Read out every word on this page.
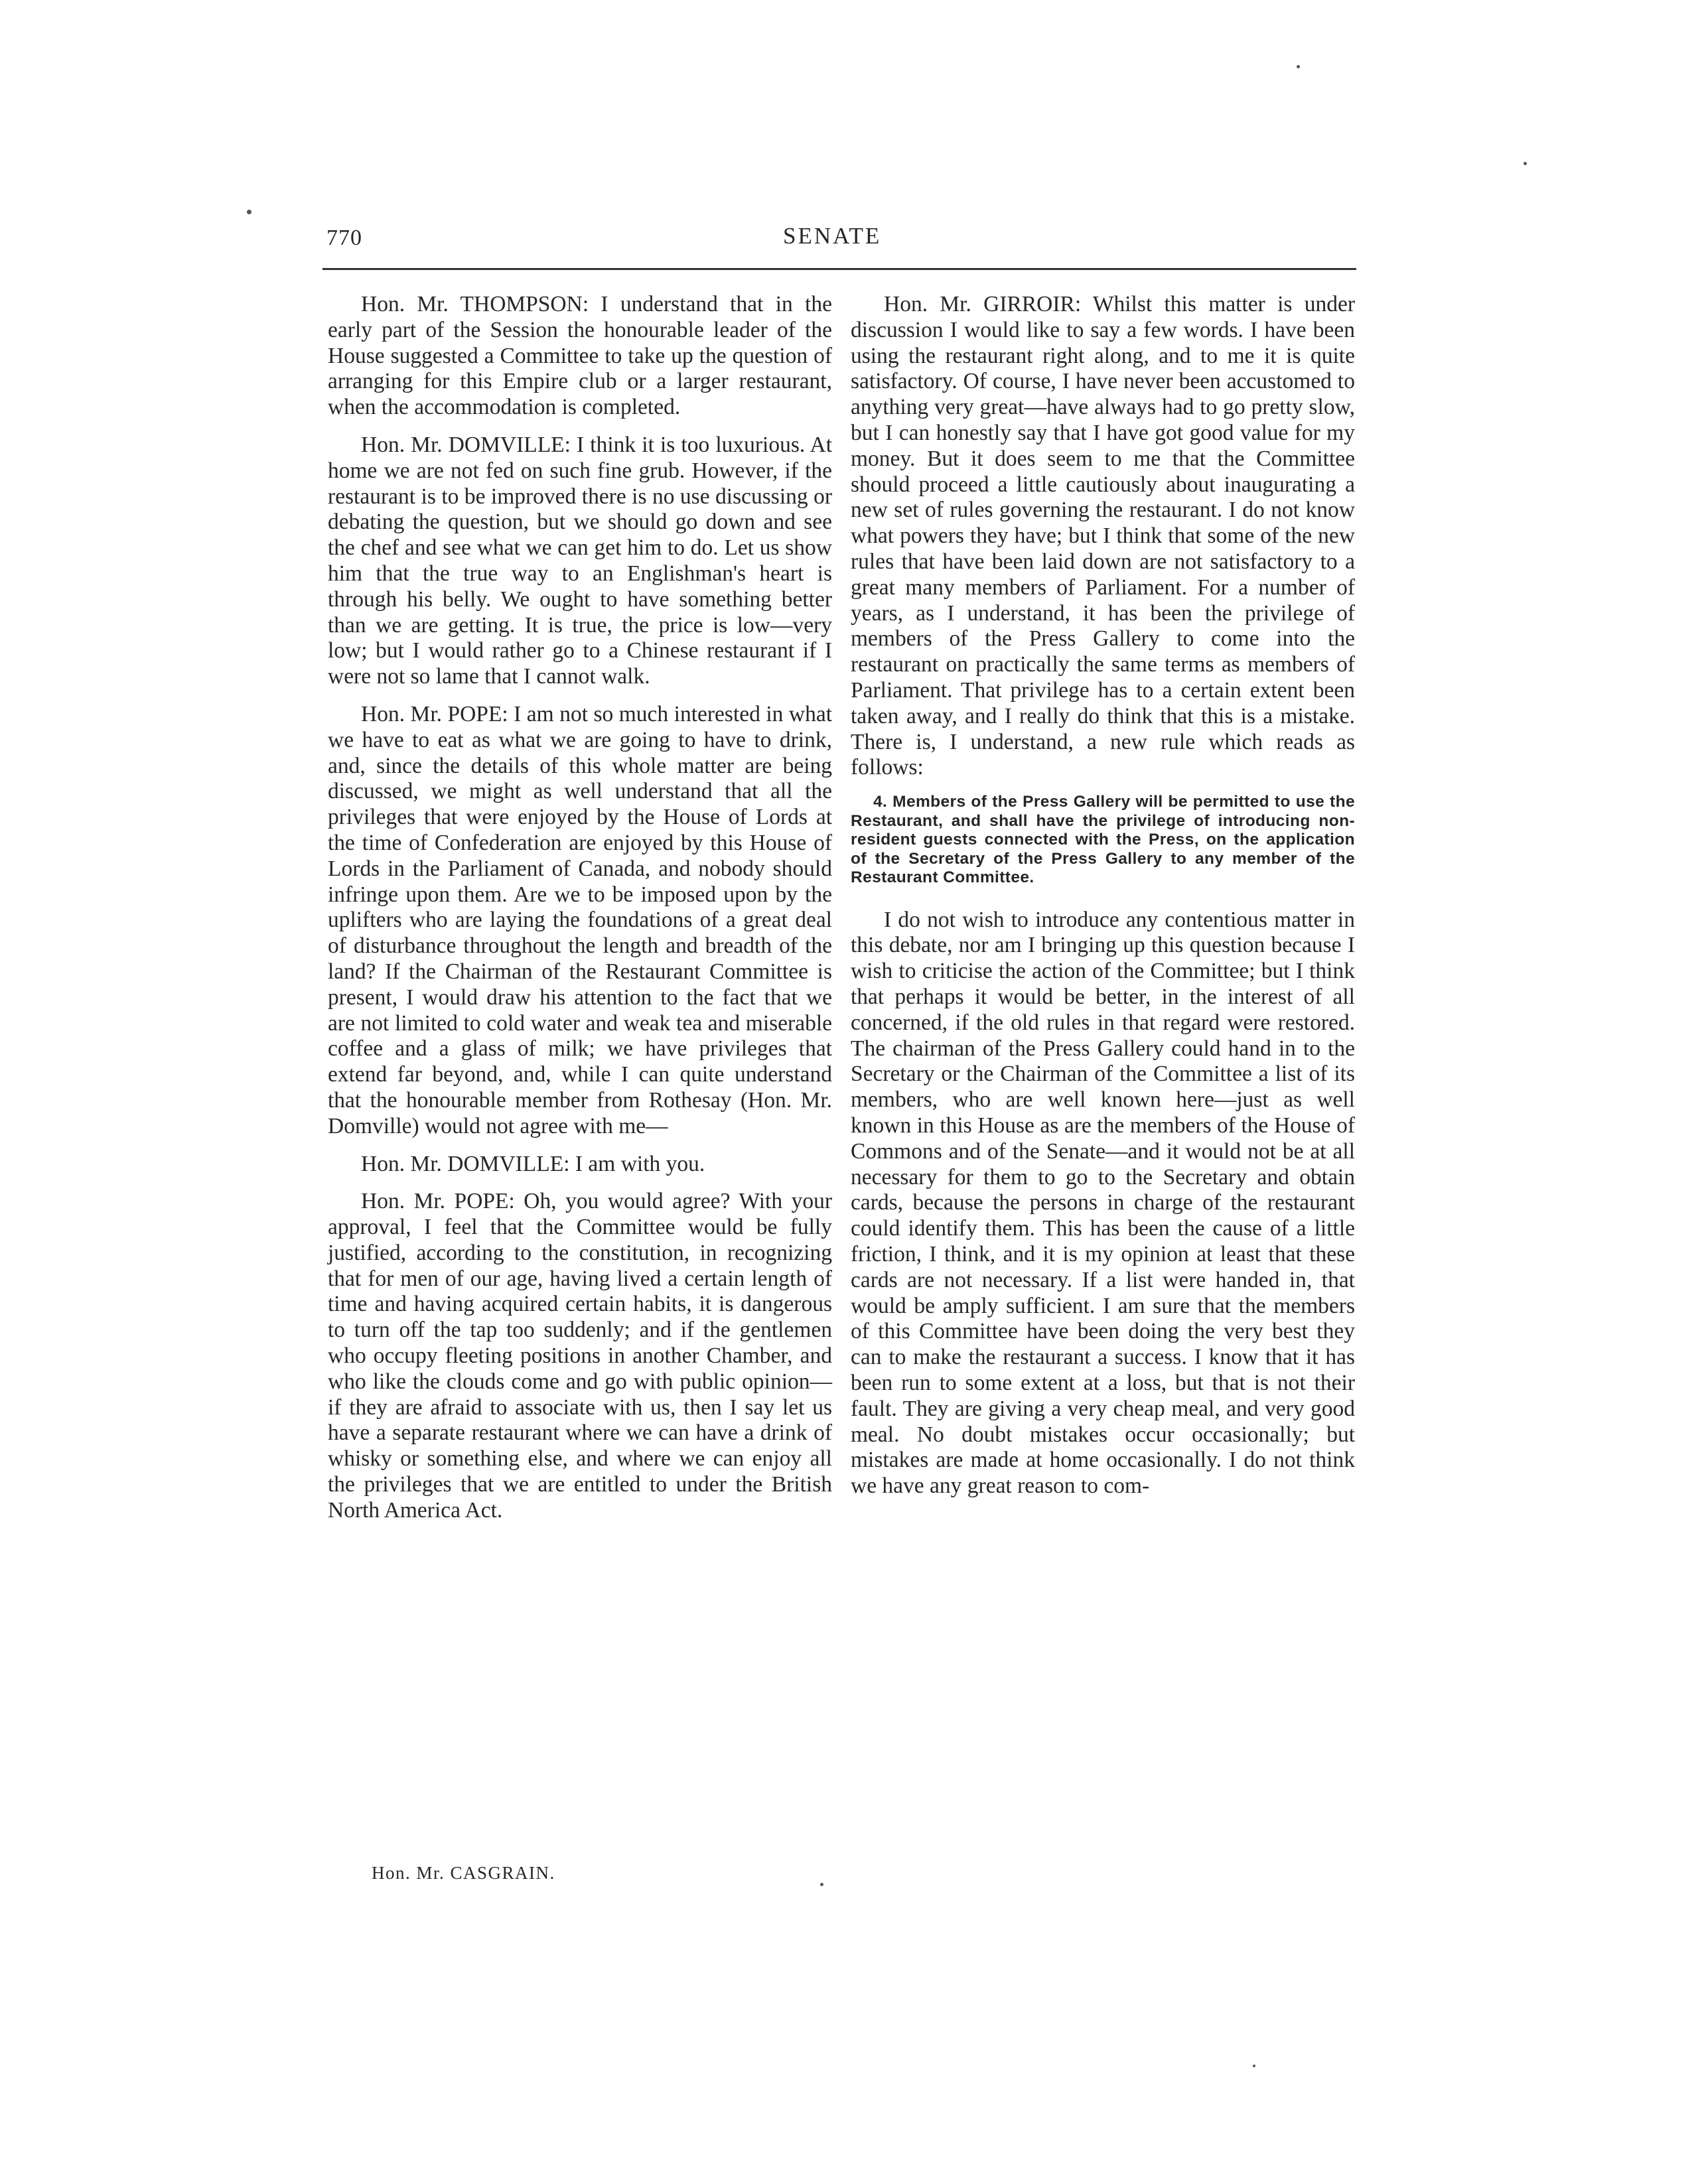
770	SENATE

Hon. Mr. THOMPSON: I understand that in the early part of the Session the honourable leader of the House suggested a Committee to take up the question of arranging for this Empire club or a larger restaurant, when the accommodation is completed.

Hon. Mr. DOMVILLE: I think it is too luxurious. At home we are not fed on such fine grub. However, if the restaurant is to be improved there is no use discussing or debating the question, but we should go down and see the chef and see what we can get him to do. Let us show him that the true way to an Englishman's heart is through his belly. We ought to have something better than we are getting. It is true, the price is low—very low; but I would rather go to a Chinese restaurant if I were not so lame that I cannot walk.

Hon. Mr. POPE: I am not so much interested in what we have to eat as what we are going to have to drink, and, since the details of this whole matter are being discussed, we might as well understand that all the privileges that were enjoyed by the House of Lords at the time of Confederation are enjoyed by this House of Lords in the Parliament of Canada, and nobody should infringe upon them. Are we to be imposed upon by the uplifters who are laying the foundations of a great deal of disturbance throughout the length and breadth of the land? If the Chairman of the Restaurant Committee is present, I would draw his attention to the fact that we are not limited to cold water and weak tea and miserable coffee and a glass of milk; we have privileges that extend far beyond, and, while I can quite understand that the honourable member from Rothesay (Hon. Mr. Domville) would not agree with me—

Hon. Mr. DOMVILLE: I am with you.

Hon. Mr. POPE: Oh, you would agree? With your approval, I feel that the Committee would be fully justified, according to the constitution, in recognizing that for men of our age, having lived a certain length of time and having acquired certain habits, it is dangerous to turn off the tap too suddenly; and if the gentlemen who occupy fleeting positions in another Chamber, and who like the clouds come and go with public opinion—if they are afraid to associate with us, then I say let us have a separate restaurant where we can have a drink of whisky or something else, and where we can enjoy all the privileges that we are entitled to under the British North America Act.

Hon. Mr. GIRROIR: Whilst this matter is under discussion I would like to say a few words. I have been using the restaurant right along, and to me it is quite satisfactory. Of course, I have never been accustomed to anything very great—have always had to go pretty slow, but I can honestly say that I have got good value for my money. But it does seem to me that the Committee should proceed a little cautiously about inaugurating a new set of rules governing the restaurant. I do not know what powers they have; but I think that some of the new rules that have been laid down are not satisfactory to a great many members of Parliament. For a number of years, as I understand, it has been the privilege of members of the Press Gallery to come into the restaurant on practically the same terms as members of Parliament. That privilege has to a certain extent been taken away, and I really do think that this is a mistake. There is, I understand, a new rule which reads as follows:

4. Members of the Press Gallery will be permitted to use the Restaurant, and shall have the privilege of introducing non-resident guests connected with the Press, on the application of the Secretary of the Press Gallery to any member of the Restaurant Committee.

I do not wish to introduce any contentious matter in this debate, nor am I bringing up this question because I wish to criticise the action of the Committee; but I think that perhaps it would be better, in the interest of all concerned, if the old rules in that regard were restored. The chairman of the Press Gallery could hand in to the Secretary or the Chairman of the Committee a list of its members, who are well known here—just as well known in this House as are the members of the House of Commons and of the Senate—and it would not be at all necessary for them to go to the Secretary and obtain cards, because the persons in charge of the restaurant could identify them. This has been the cause of a little friction, I think, and it is my opinion at least that these cards are not necessary. If a list were handed in, that would be amply sufficient. I am sure that the members of this Committee have been doing the very best they can to make the restaurant a success. I know that it has been run to some extent at a loss, but that is not their fault. They are giving a very cheap meal, and very good meal. No doubt mistakes occur occasionally; but mistakes are made at home occasionally. I do not think we have any great reason to com-

Hon. Mr. CASGRAIN.
